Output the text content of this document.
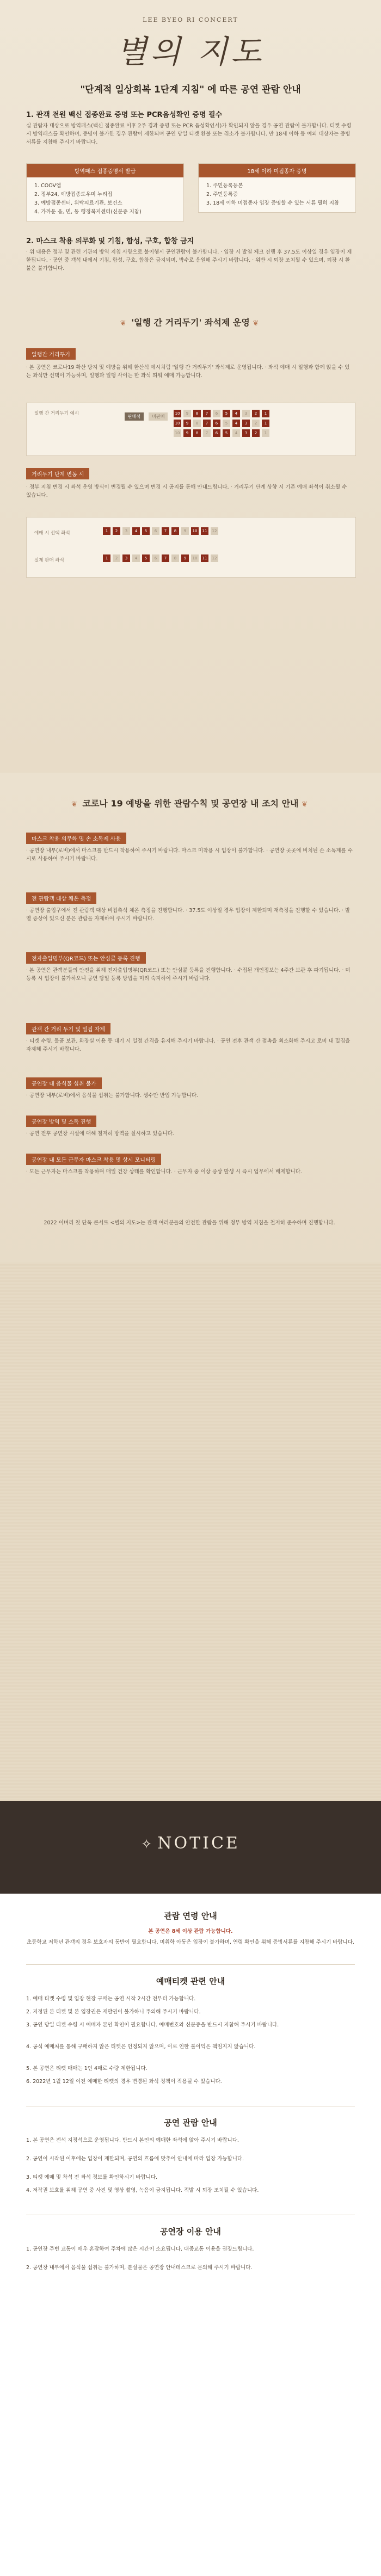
LEE BYEO RI CONCERT
별의 지도
"단계적 일상회복 1단계 지침" 에 따른 공연 관람 안내
1. 관객 전원 백신 접종완료 증명 또는 PCR음성확인 증명 필수
실 관람자 대상으로 방역패스(백신 접종완료 이후 2주 경과 증명 또는 PCR 음성확인서)가 확인되지 않을 경우 공연 관람이 불가합니다. 티켓 수령 시 방역패스를 확인하며, 증명이 불가한 경우 관람이 제한되며 공연 당일 티켓 환불 또는 취소가 불가합니다. 만 18세 이하 등 예외 대상자는 증빙서류를 지참해 주시기 바랍니다.
방역패스 접종증명서 발급
1. COOV앱
2. 정부24, 예방접종도우미 누리집
3. 예방접종센터, 위탁의료기관, 보건소
4. 가까운 읍, 면, 동 행정복지센터(신분증 지참)
18세 이하 미접종자 증명
1. 주민등록등본
2. 주민등록증
3. 18세 이하 미접종자 입장 증명할 수 있는 서류 필히 지참
2. 마스크 착용 의무화 및 기침, 함성, 구호, 합창 금지
· 위 내용은 정부 및 관련 기관의 방역 지침 사항으로 불이행시 공연관람이 불가합니다. · 입장 시 발열 체크 진행 후 37.5도 이상일 경우 입장이 제한됩니다. · 공연 중 객석 내에서 기침, 함성, 구호, 합창은 금지되며, 박수로 응원해 주시기 바랍니다. · 위반 시 퇴장 조치될 수 있으며, 퇴장 시 환불은 불가합니다.
❦ '일행 간 거리두기' 좌석제 운영 ❦
일행간 거리두기
· 본 공연은 코로나19 확산 방지 및 예방을 위해 한산석 예시처럼 '일행 간 거리두기' 좌석제로 운영됩니다. · 좌석 예매 시 일행과 함께 앉을 수 있는 좌석만 선택이 가능하며, 일행과 일행 사이는 한 좌석 띄워 예매 가능합니다.
일행 간 거리두기 예시
판매석	비판매
10	9	8	7	6	5	4	3	2	1
10	9	8	7	6	5	4	3	2	1
10	9	8	7	6	5	4	3	2	1
거리두기 단계 변동 시
· 정부 지침 변경 시 좌석 운영 방식이 변경될 수 있으며 변경 시 공지를 통해 안내드립니다. · 거리두기 단계 상향 시 기존 예매 좌석이 취소될 수 있습니다.
예매 시 선택 좌석
실제 판매 좌석
1	2	3	4	5	6	7	8	9	10	11	12
1	2	3	4	5	6	7	8	9	10	11	12
❦ 코로나 19 예방을 위한 관람수칙 및 공연장 내 조치 안내 ❦
마스크 착용 의무화 및 손 소독제 사용
· 공연장 내부(로비)에서 마스크를 반드시 착용하여 주시기 바랍니다. 마스크 미착용 시 입장이 불가합니다. · 공연장 곳곳에 비치된 손 소독제를 수시로 사용하여 주시기 바랍니다.
전 관람객 대상 체온 측정
· 공연장 출입구에서 전 관람객 대상 비접촉식 체온 측정을 진행합니다. · 37.5도 이상일 경우 입장이 제한되며 재측정을 진행할 수 있습니다. · 발열 증상이 있으신 분은 관람을 자제하여 주시기 바랍니다.
전자출입명부(QR코드) 또는 안심콜 등록 진행
· 본 공연은 관객분들의 안전을 위해 전자출입명부(QR코드) 또는 안심콜 등록을 진행합니다. · 수집된 개인정보는 4주간 보관 후 파기됩니다. · 미등록 시 입장이 불가하오니 공연 당일 등록 방법을 미리 숙지하여 주시기 바랍니다.
관객 간 거리 두기 및 밀집 자제
· 티켓 수령, 물품 보관, 화장실 이용 등 대기 시 일정 간격을 유지해 주시기 바랍니다. · 공연 전후 관객 간 접촉을 최소화해 주시고 로비 내 밀집을 자제해 주시기 바랍니다.
공연장 내 음식물 섭취 불가
· 공연장 내부(로비)에서 음식물 섭취는 불가합니다. 생수만 반입 가능합니다.
공연장 방역 및 소독 진행
· 공연 전후 공연장 시설에 대해 철저히 방역을 실시하고 있습니다.
공연장 내 모든 근무자 마스크 착용 및 상시 모니터링
· 모든 근무자는 마스크를 착용하며 매일 건강 상태를 확인합니다. · 근무자 중 이상 증상 발생 시 즉시 업무에서 배제합니다.
2022 이벼리 첫 단독 콘서트 <별의 지도>는 관객 여러분들의 안전한 관람을 위해 정부 방역 지침을 철저히 준수하며 진행합니다.
✧ NOTICE
관람 연령 안내
본 공연은 8세 이상 관람 가능합니다.
초등학교 저학년 관객의 경우 보호자의 동반이 필요합니다. 미취학 아동은 입장이 불가하며, 연령 확인을 위해 증빙서류를 지참해 주시기 바랍니다.
예매티켓 관련 안내
1. 예매 티켓 수령 및 입장 현장 구매는 공연 시작 2시간 전부터 가능합니다.
2. 지정된 본 티켓 및 본 입장권은 재발권이 불가하니 주의해 주시기 바랍니다.
3. 공연 당일 티켓 수령 시 예매자 본인 확인이 필요합니다. 예매번호와 신분증을 반드시 지참해 주시기 바랍니다.
4. 공식 예매처를 통해 구매하지 않은 티켓은 인정되지 않으며, 이로 인한 불이익은 책임지지 않습니다.
5. 본 공연은 티켓 매매는 1인 4매로 수량 제한됩니다.
6. 2022년 1월 12일 이전 예매한 티켓의 경우 변경된 좌석 정책이 적용될 수 있습니다.
공연 관람 안내
1. 본 공연은 전석 지정석으로 운영됩니다. 반드시 본인의 예매한 좌석에 앉아 주시기 바랍니다.
2. 공연이 시작된 이후에는 입장이 제한되며, 공연의 흐름에 맞추어 안내에 따라 입장 가능합니다.
3. 티켓 예매 및 착석 전 좌석 정보를 확인하시기 바랍니다.
4. 저작권 보호를 위해 공연 중 사진 및 영상 촬영, 녹음이 금지됩니다. 적발 시 퇴장 조치될 수 있습니다.
공연장 이용 안내
1. 공연장 주변 교통이 매우 혼잡하여 주차에 많은 시간이 소요됩니다. 대중교통 이용을 권장드립니다.
2. 공연장 내부에서 음식물 섭취는 불가하며, 분실물은 공연장 안내데스크로 문의해 주시기 바랍니다.
